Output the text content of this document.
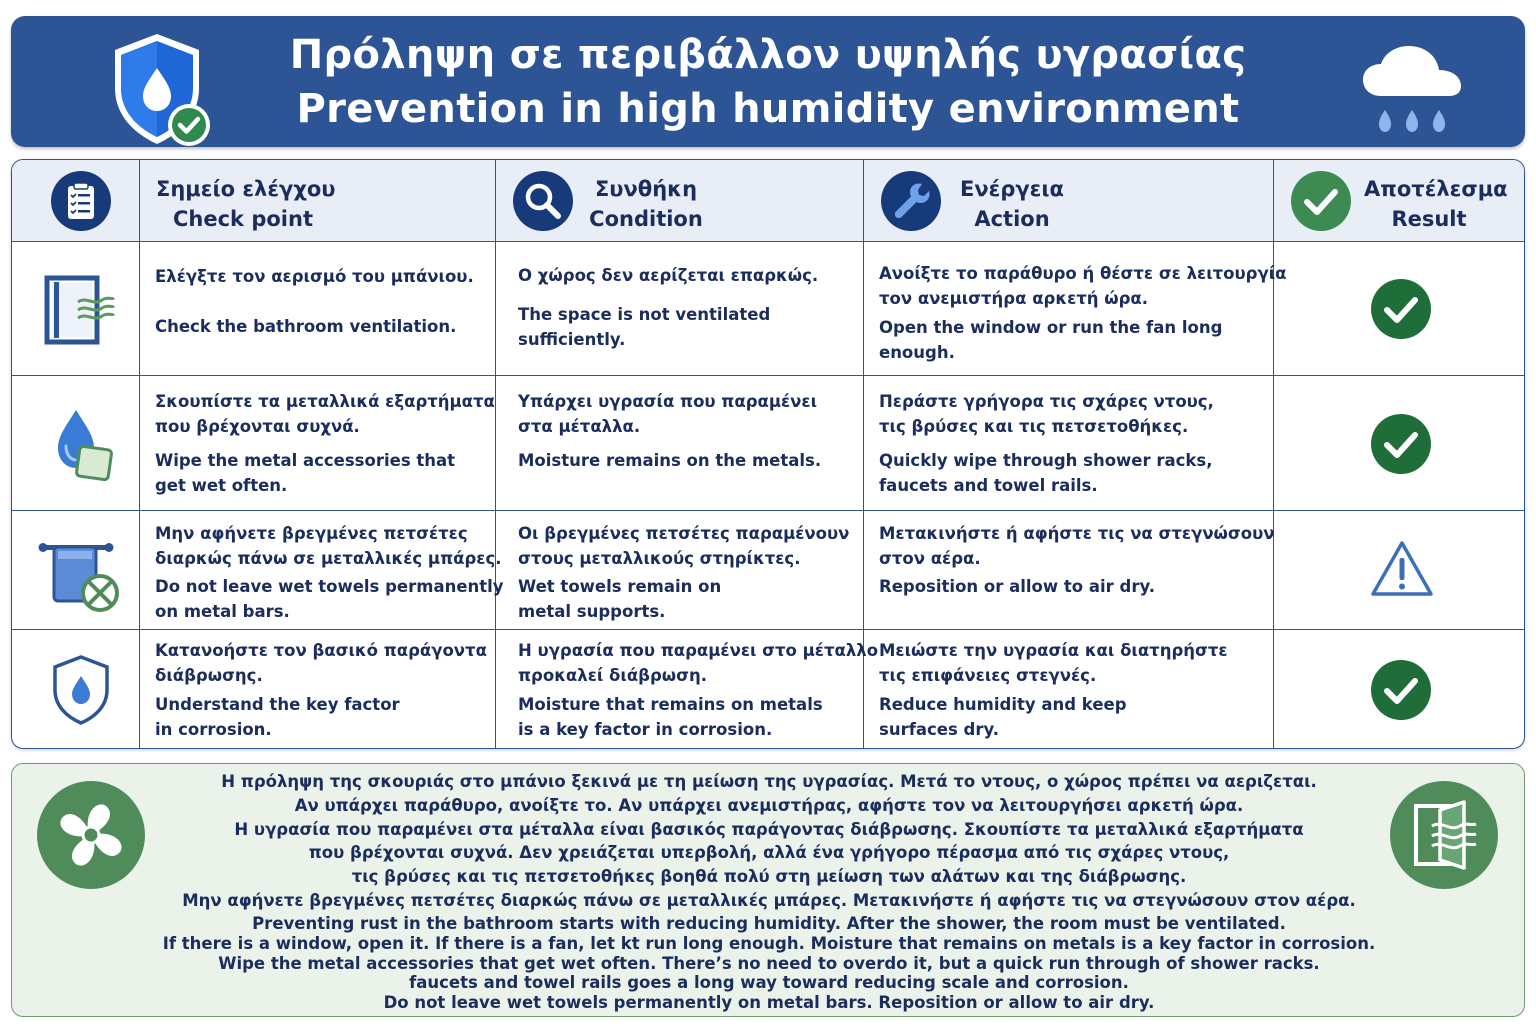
Πρόληψη σε περιβάλλον υψηλής υγρασίας
Prevention in high humidity environment
Σημείο ελέγχου
Check point
Συνθήκη
Condition
Ενέργεια
Action
Αποτέλεσμα
Result

Ελέγξτε τον αερισμό του μπάνιου.

Check the bathroom ventilation.

Ο χώρος δεν αερίζεται επαρκώς.

The space is not ventilated

sufficiently.

Ανοίξτε το παράθυρο ή θέστε σε λειτουργία

τον ανεμιστήρα αρκετή ώρα.

Open the window or run the fan long

enough.

Σκουπίστε τα μεταλλικά εξαρτήματα

που βρέχονται συχνά.

Wipe the metal accessories that

get wet often.

Υπάρχει υγρασία που παραμένει

στα μέταλλα.

Moisture remains on the metals.

Περάστε γρήγορα τις σχάρες ντους,

τις βρύσες και τις πετσετοθήκες.

Quickly wipe through shower racks,

faucets and towel rails.

Μην αφήνετε βρεγμένες πετσέτες

διαρκώς πάνω σε μεταλλικές μπάρες.

Do not leave wet towels permanently

on metal bars.

Οι βρεγμένες πετσέτες παραμένουν

στους μεταλλικούς στηρίκτες.

Wet towels remain on

metal supports.

Μετακινήστε ή αφήστε τις να στεγνώσουν

στον αέρα.

Reposition or allow to air dry.

Κατανοήστε τον βασικό παράγοντα

διάβρωσης.

Understand the key factor

in corrosion.

Η υγρασία που παραμένει στο μέταλλο

προκαλεί διάβρωση.

Moisture that remains on metals

is a key factor in corrosion.

Μειώστε την υγρασία και διατηρήστε

τις επιφάνειες στεγνές.

Reduce humidity and keep

surfaces dry.

Η πρόληψη της σκουριάς στο μπάνιο ξεκινά με τη μείωση της υγρασίας. Μετά το ντους, ο χώρος πρέπει να αεριζεται.

Αν υπάρχει παράθυρο, ανοίξτε το. Αν υπάρχει ανεμιστήρας, αφήστε τον να λειτουργήσει αρκετή ώρα.

Η υγρασία που παραμένει στα μέταλλα είναι βασικός παράγοντας διάβρωσης. Σκουπίστε τα μεταλλικά εξαρτήματα

που βρέχονται συχνά. Δεν χρειάζεται υπερβολή, αλλά ένα γρήγορο πέρασμα από τις σχάρες ντους,

τις βρύσες και τις πετσετοθήκες βοηθά πολύ στη μείωση των αλάτων και της διάβρωσης.

Μην αφήνετε βρεγμένες πετσέτες διαρκώς πάνω σε μεταλλικές μπάρες. Μετακινήστε ή αφήστε τις να στεγνώσουν στον αέρα.

Preventing rust in the bathroom starts with reducing humidity. After the shower, the room must be ventilated.

If there is a window, open it. If there is a fan, let kt run long enough. Moisture that remains on metals is a key factor in corrosion.

Wipe the metal accessories that get wet often. There’s no need to overdo it, but a quick run through of shower racks.

faucets and towel rails goes a long way toward reducing scale and corrosion.

Do not leave wet towels permanently on metal bars. Reposition or allow to air dry.
